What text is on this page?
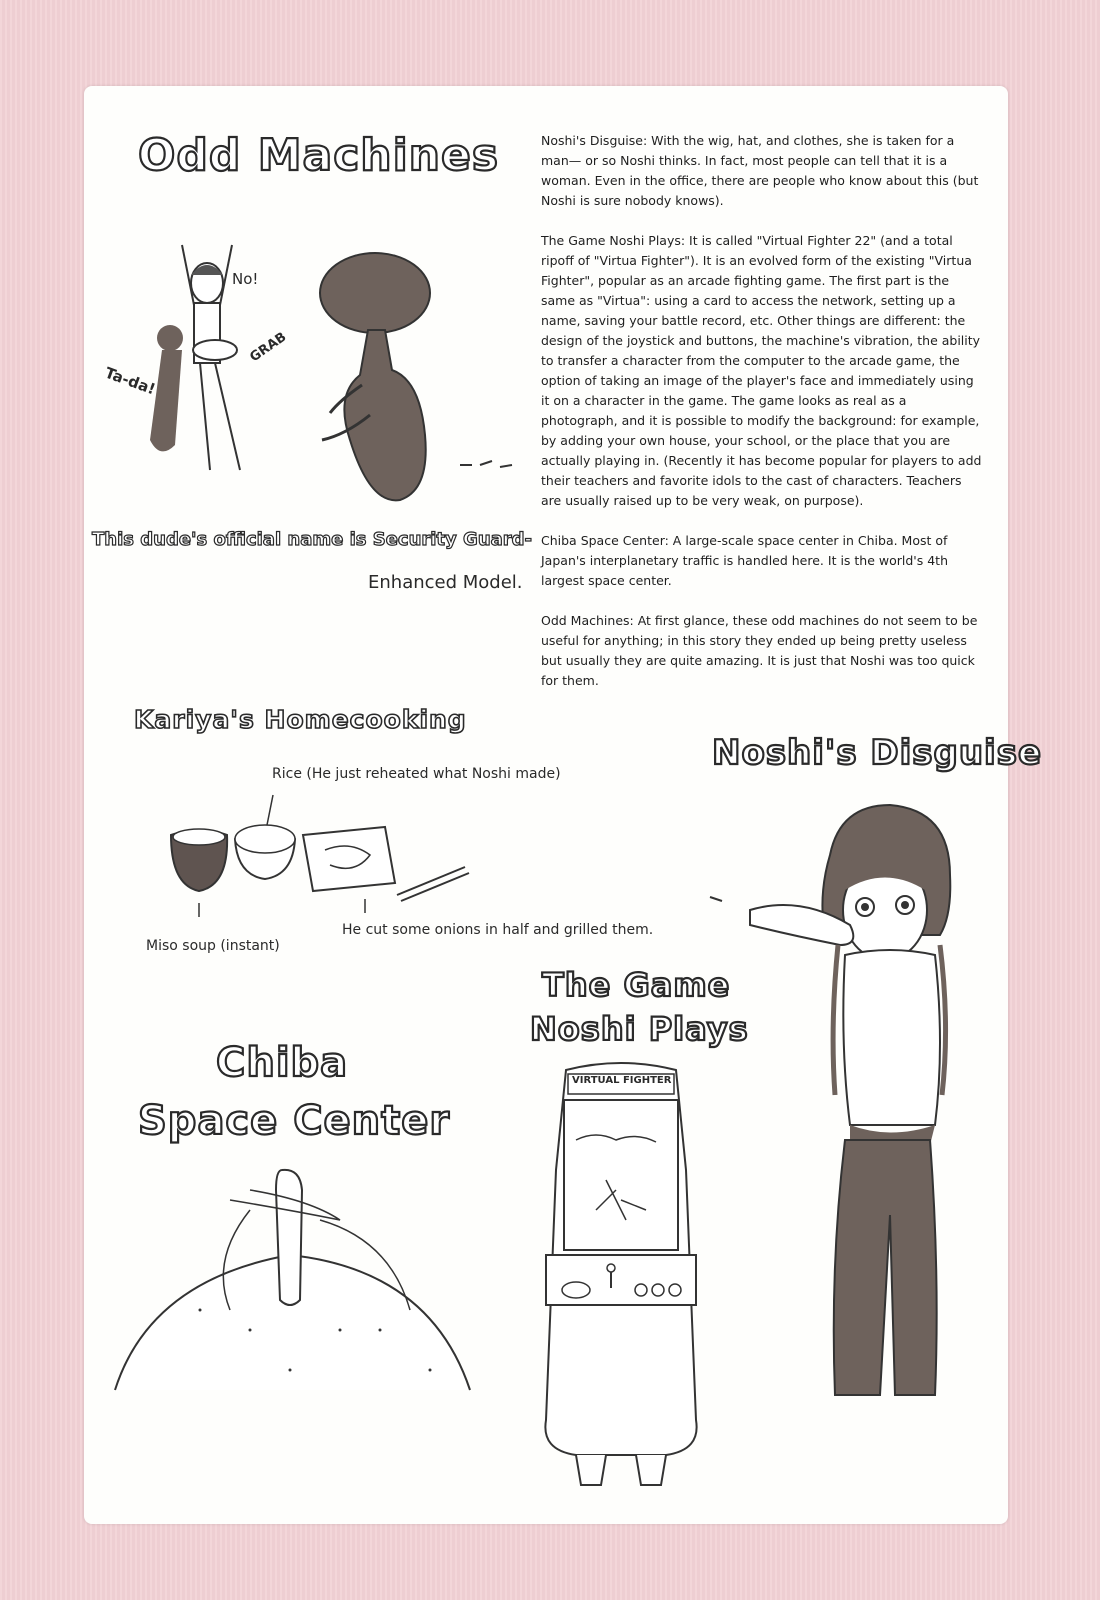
Odd Machines
No!
GRAB
Ta-da!
This dude's official name is Security Guard-
Enhanced Model.

Noshi's Disguise: With the wig, hat, and clothes, she is taken for a man— or so Noshi thinks. In fact, most people can tell that it is a woman. Even in the office, there are people who know about this (but Noshi is sure nobody knows).

The Game Noshi Plays: It is called "Virtual Fighter 22" (and a total ripoff of "Virtua Fighter"). It is an evolved form of the existing "Virtua Fighter", popular as an arcade fighting game. The first part is the same as "Virtua": using a card to access the network, setting up a name, saving your battle record, etc. Other things are different: the design of the joystick and buttons, the machine's vibration, the ability to transfer a character from the computer to the arcade game, the option of taking an image of the player's face and immediately using it on a character in the game. The game looks as real as a photograph, and it is possible to modify the background: for example, by adding your own house, your school, or the place that you are actually playing in. (Recently it has become popular for players to add their teachers and favorite idols to the cast of characters. Teachers are usually raised up to be very weak, on purpose).

Chiba Space Center: A large-scale space center in Chiba. Most of Japan's interplanetary traffic is handled here. It is the world's 4th largest space center.

Odd Machines: At first glance, these odd machines do not seem to be useful for anything; in this story they ended up being pretty useless but usually they are quite amazing. It is just that Noshi was too quick for them.

Kariya's Homecooking
Rice (He just reheated what Noshi made)
Miso soup (instant)
He cut some onions in half and grilled them.
Noshi's Disguise
The Game
Noshi Plays
VIRTUAL FIGHTER
Chiba
Space Center
